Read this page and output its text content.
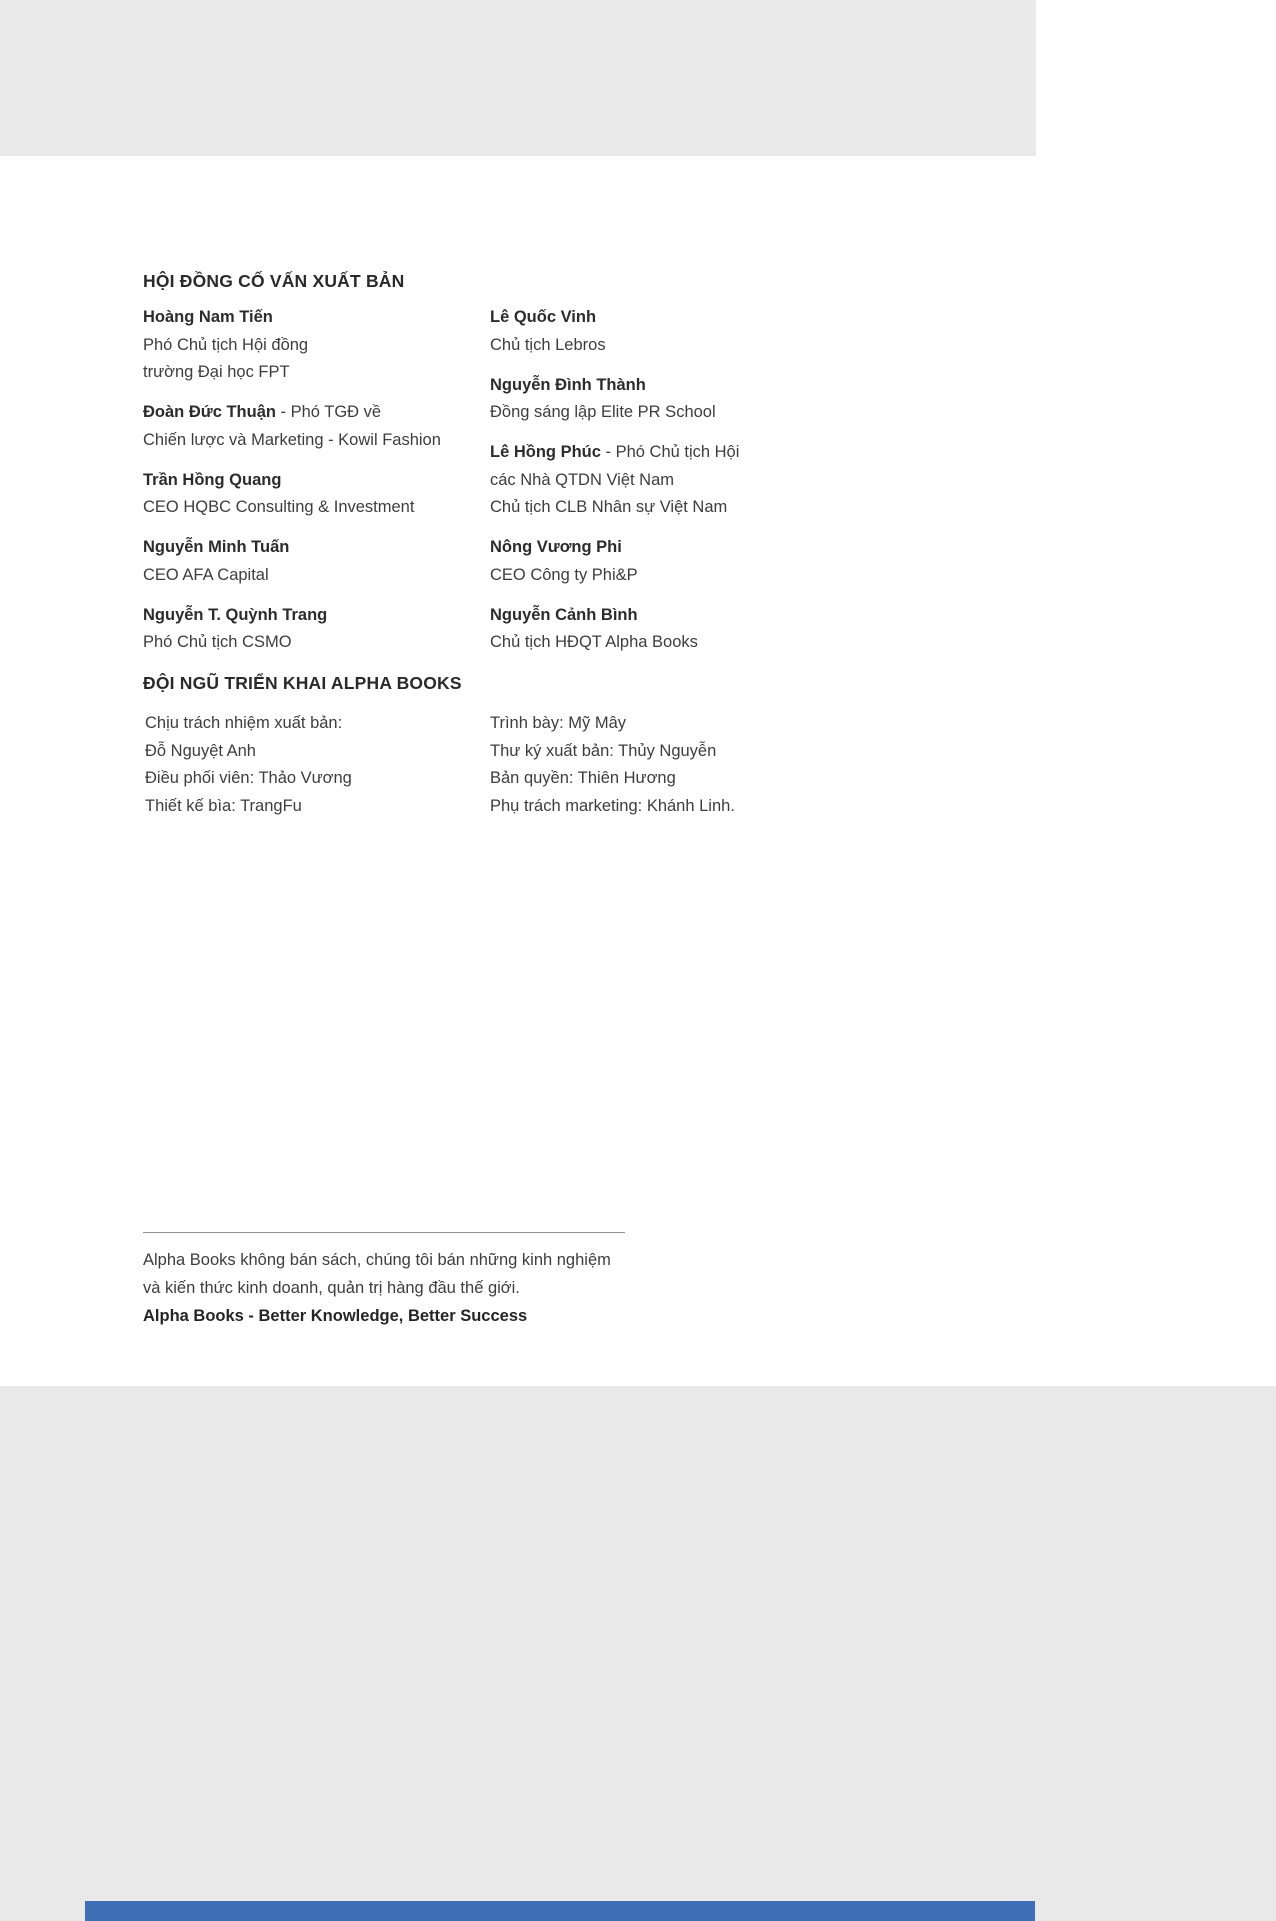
HỘI ĐỒNG CỐ VẤN XUẤT BẢN
Hoàng Nam Tiến
Phó Chủ tịch Hội đồng
trường Đại học FPT
Đoàn Đức Thuận - Phó TGĐ về
Chiến lược và Marketing - Kowil Fashion
Trần Hồng Quang
CEO HQBC Consulting & Investment
Nguyễn Minh Tuấn
CEO AFA Capital
Nguyễn T. Quỳnh Trang
Phó Chủ tịch CSMO
Lê Quốc Vinh
Chủ tịch Lebros
Nguyễn Đình Thành
Đồng sáng lập Elite PR School
Lê Hồng Phúc - Phó Chủ tịch Hội
các Nhà QTDN Việt Nam
Chủ tịch CLB Nhân sự Việt Nam
Nông Vương Phi
CEO Công ty Phi&P
Nguyễn Cảnh Bình
Chủ tịch HĐQT Alpha Books
ĐỘI NGŨ TRIỂN KHAI ALPHA BOOKS
Chịu trách nhiệm xuất bản:
Đỗ Nguyệt Anh
Điều phối viên: Thảo Vương
Thiết kế bìa: TrangFu
Trình bày: Mỹ Mây
Thư ký xuất bản: Thủy Nguyễn
Bản quyền: Thiên Hương
Phụ trách marketing: Khánh Linh.
Alpha Books không bán sách, chúng tôi bán những kinh nghiệm
và kiến thức kinh doanh, quản trị hàng đầu thế giới.
Alpha Books - Better Knowledge, Better Success
